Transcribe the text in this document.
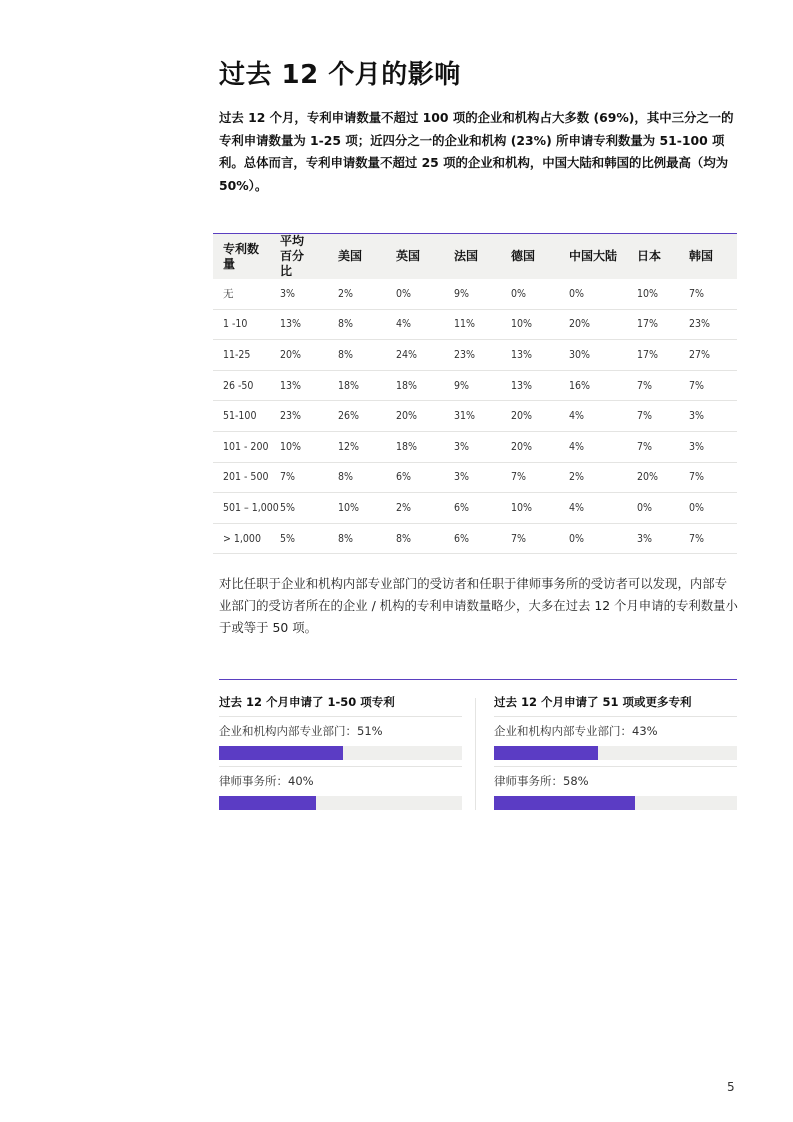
过去 12 个月的影响

过去 12 个月，专利申请数量不超过 100 项的企业和机构占大多数 (69%)，其中三分之一的专利申请数量为 1-25 项；近四分之一的企业和机构 (23%) 所申请专利数量为 51-100 项利。总体而言，专利申请数量不超过 25 项的企业和机构，中国大陆和韩国的比例最高（均为 50%）。

专利数量	平均百分比	美国	英国	法国	德国	中国大陆	日本	韩国
无	3%	2%	0%	9%	0%	0%	10%	7%
1 -10	13%	8%	4%	11%	10%	20%	17%	23%
11-25	20%	8%	24%	23%	13%	30%	17%	27%
26 -50	13%	18%	18%	9%	13%	16%	7%	7%
51-100	23%	26%	20%	31%	20%	4%	7%	3%
101 - 200	10%	12%	18%	3%	20%	4%	7%	3%
201 - 500	7%	8%	6%	3%	7%	2%	20%	7%
501 – 1,000	5%	10%	2%	6%	10%	4%	0%	0%
> 1,000	5%	8%	8%	6%	7%	0%	3%	7%

对比任职于企业和机构内部专业部门的受访者和任职于律师事务所的受访者可以发现，内部专业部门的受访者所在的企业 / 机构的专利申请数量略少，大多在过去 12 个月申请的专利数量小于或等于 50 项。

过去 12 个月申请了 1-50 项专利
企业和机构内部专业部门：51%
律师事务所：40%
过去 12 个月申请了 51 项或更多专利
企业和机构内部专业部门：43%
律师事务所：58%
5
